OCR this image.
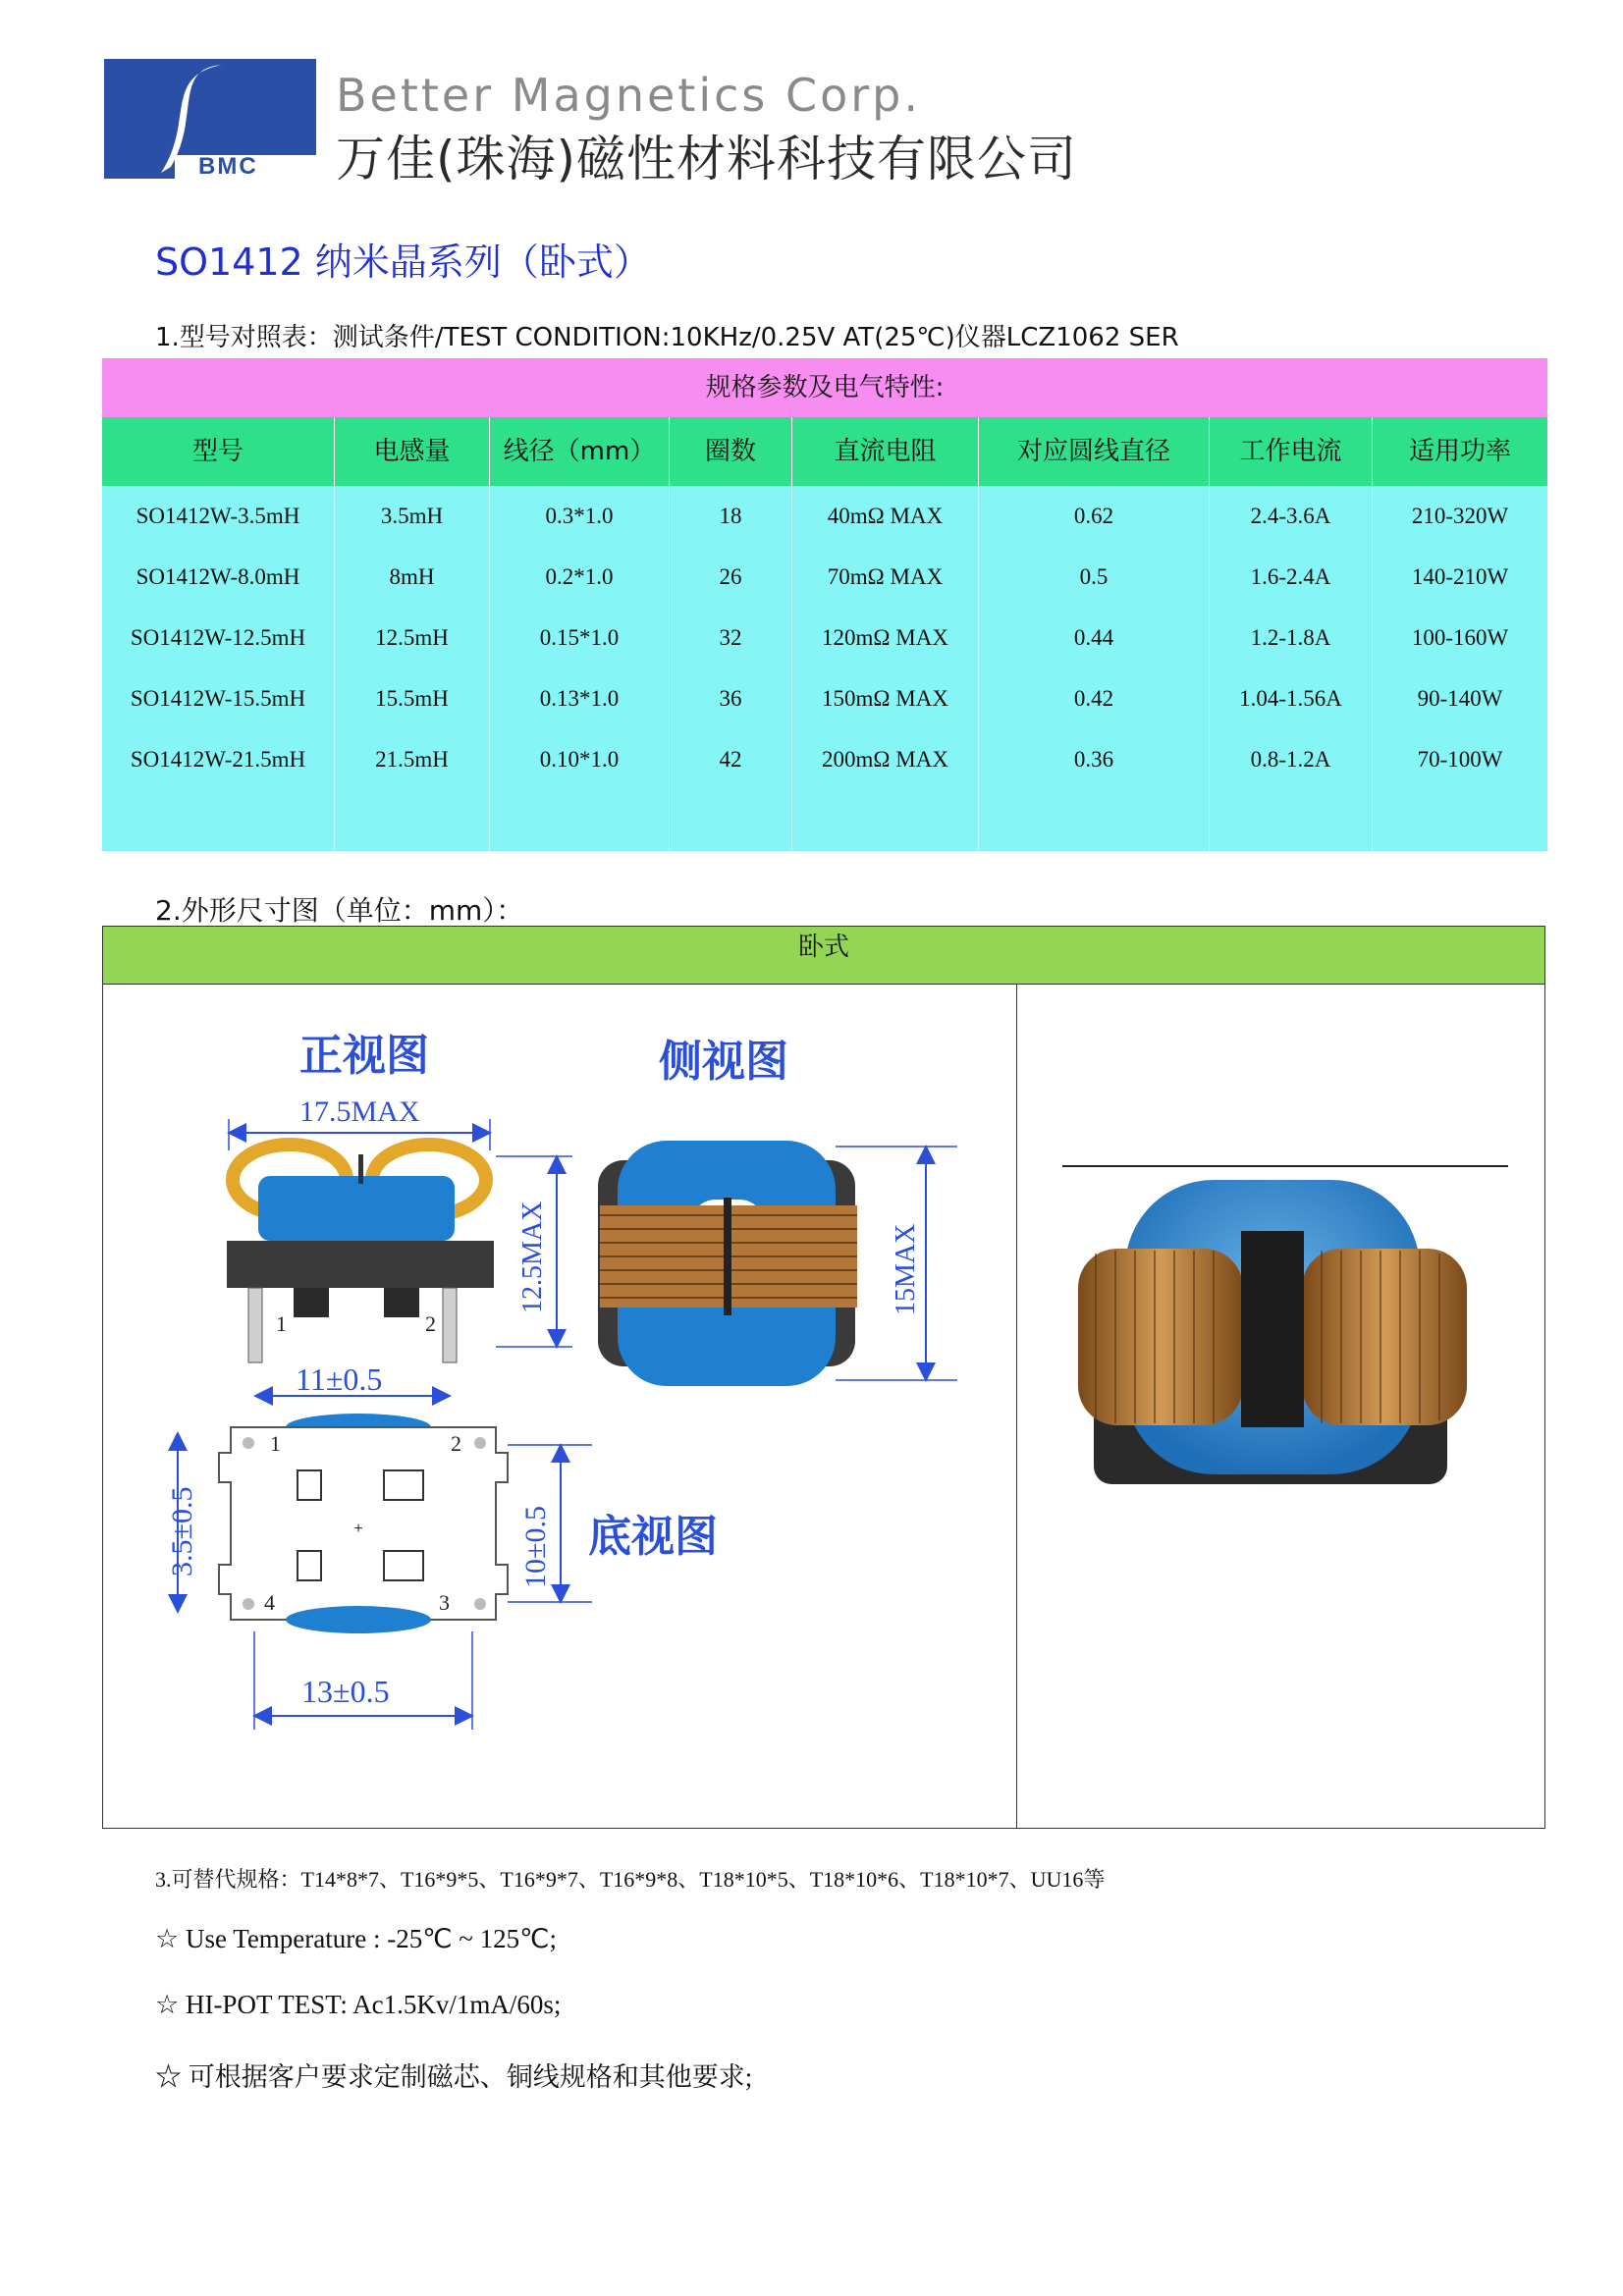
BMC
Better Magnetics Corp.
万佳(珠海)磁性材料科技有限公司
SO1412 纳米晶系列（卧式）
1.型号对照表：测试条件/TEST CONDITION:10KHz/0.25V AT(25℃)仪器LCZ1062 SER
规格参数及电气特性:
型号	电感量	线径（mm）	圈数	直流电阻	对应圆线直径	工作电流	适用功率
SO1412W-3.5mH	3.5mH	0.3*1.0	18	40mΩ MAX	0.62	2.4-3.6A	210-320W
SO1412W-8.0mH	8mH	0.2*1.0	26	70mΩ MAX	0.5	1.6-2.4A	140-210W
SO1412W-12.5mH	12.5mH	0.15*1.0	32	120mΩ MAX	0.44	1.2-1.8A	100-160W
SO1412W-15.5mH	15.5mH	0.13*1.0	36	150mΩ MAX	0.42	1.04-1.56A	90-140W
SO1412W-21.5mH	21.5mH	0.10*1.0	42	200mΩ MAX	0.36	0.8-1.2A	70-100W
2.外形尺寸图（单位：mm）：
卧式
正视图
17.5MAX
1	2
12.5MAX
11±0.5
侧视图
15MAX
+
1	2
4	3
3.5±0.5	10±0.5 底视图
13±0.5
3.可替代规格：T14*8*7、T16*9*5、T16*9*7、T16*9*8、T18*10*5、T18*10*6、T18*10*7、UU16等
☆ Use Temperature : -25℃ ~ 125℃;
☆ HI-POT TEST: Ac1.5Kv/1mA/60s;
☆ 可根据客户要求定制磁芯、铜线规格和其他要求;
